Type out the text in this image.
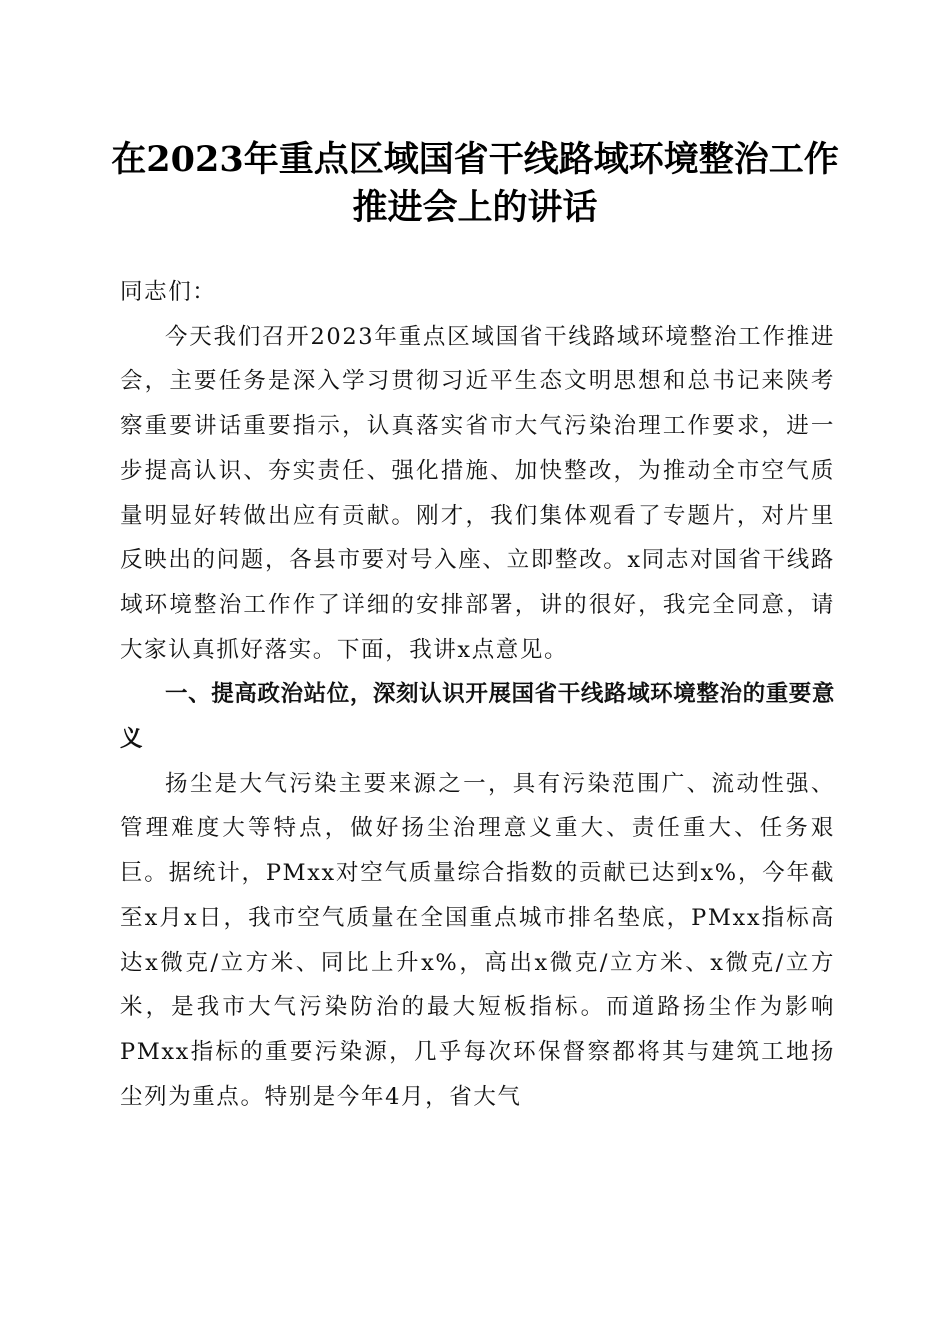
在2023年重点区域国省干线路域环境整治工作推进会上的讲话

同志们：

今天我们召开2023年重点区域国省干线路域环境整治工作推进会，主要任务是深入学习贯彻习近平生态文明思想和总书记来陕考察重要讲话重要指示，认真落实省市大气污染治理工作要求，进一步提高认识、夯实责任、强化措施、加快整改，为推动全市空气质量明显好转做出应有贡献。刚才，我们集体观看了专题片，对片里反映出的问题，各县市要对号入座、立即整改。x同志对国省干线路域环境整治工作作了详细的安排部署，讲的很好，我完全同意，请大家认真抓好落实。下面，我讲x点意见。

一、提高政治站位，深刻认识开展国省干线路域环境整治的重要意义

扬尘是大气污染主要来源之一，具有污染范围广、流动性强、管理难度大等特点，做好扬尘治理意义重大、责任重大、任务艰巨。据统计，PMxx对空气质量综合指数的贡献已达到x%，今年截至x月x日，我市空气质量在全国重点城市排名垫底，PMxx指标高达x微克/立方米、同比上升x%，高出x微克/立方米、x微克/立方米，是我市大气污染防治的最大短板指标。而道路扬尘作为影响PMxx指标的重要污染源，几乎每次环保督察都将其与建筑工地扬尘列为重点。特别是今年4月，省大气
